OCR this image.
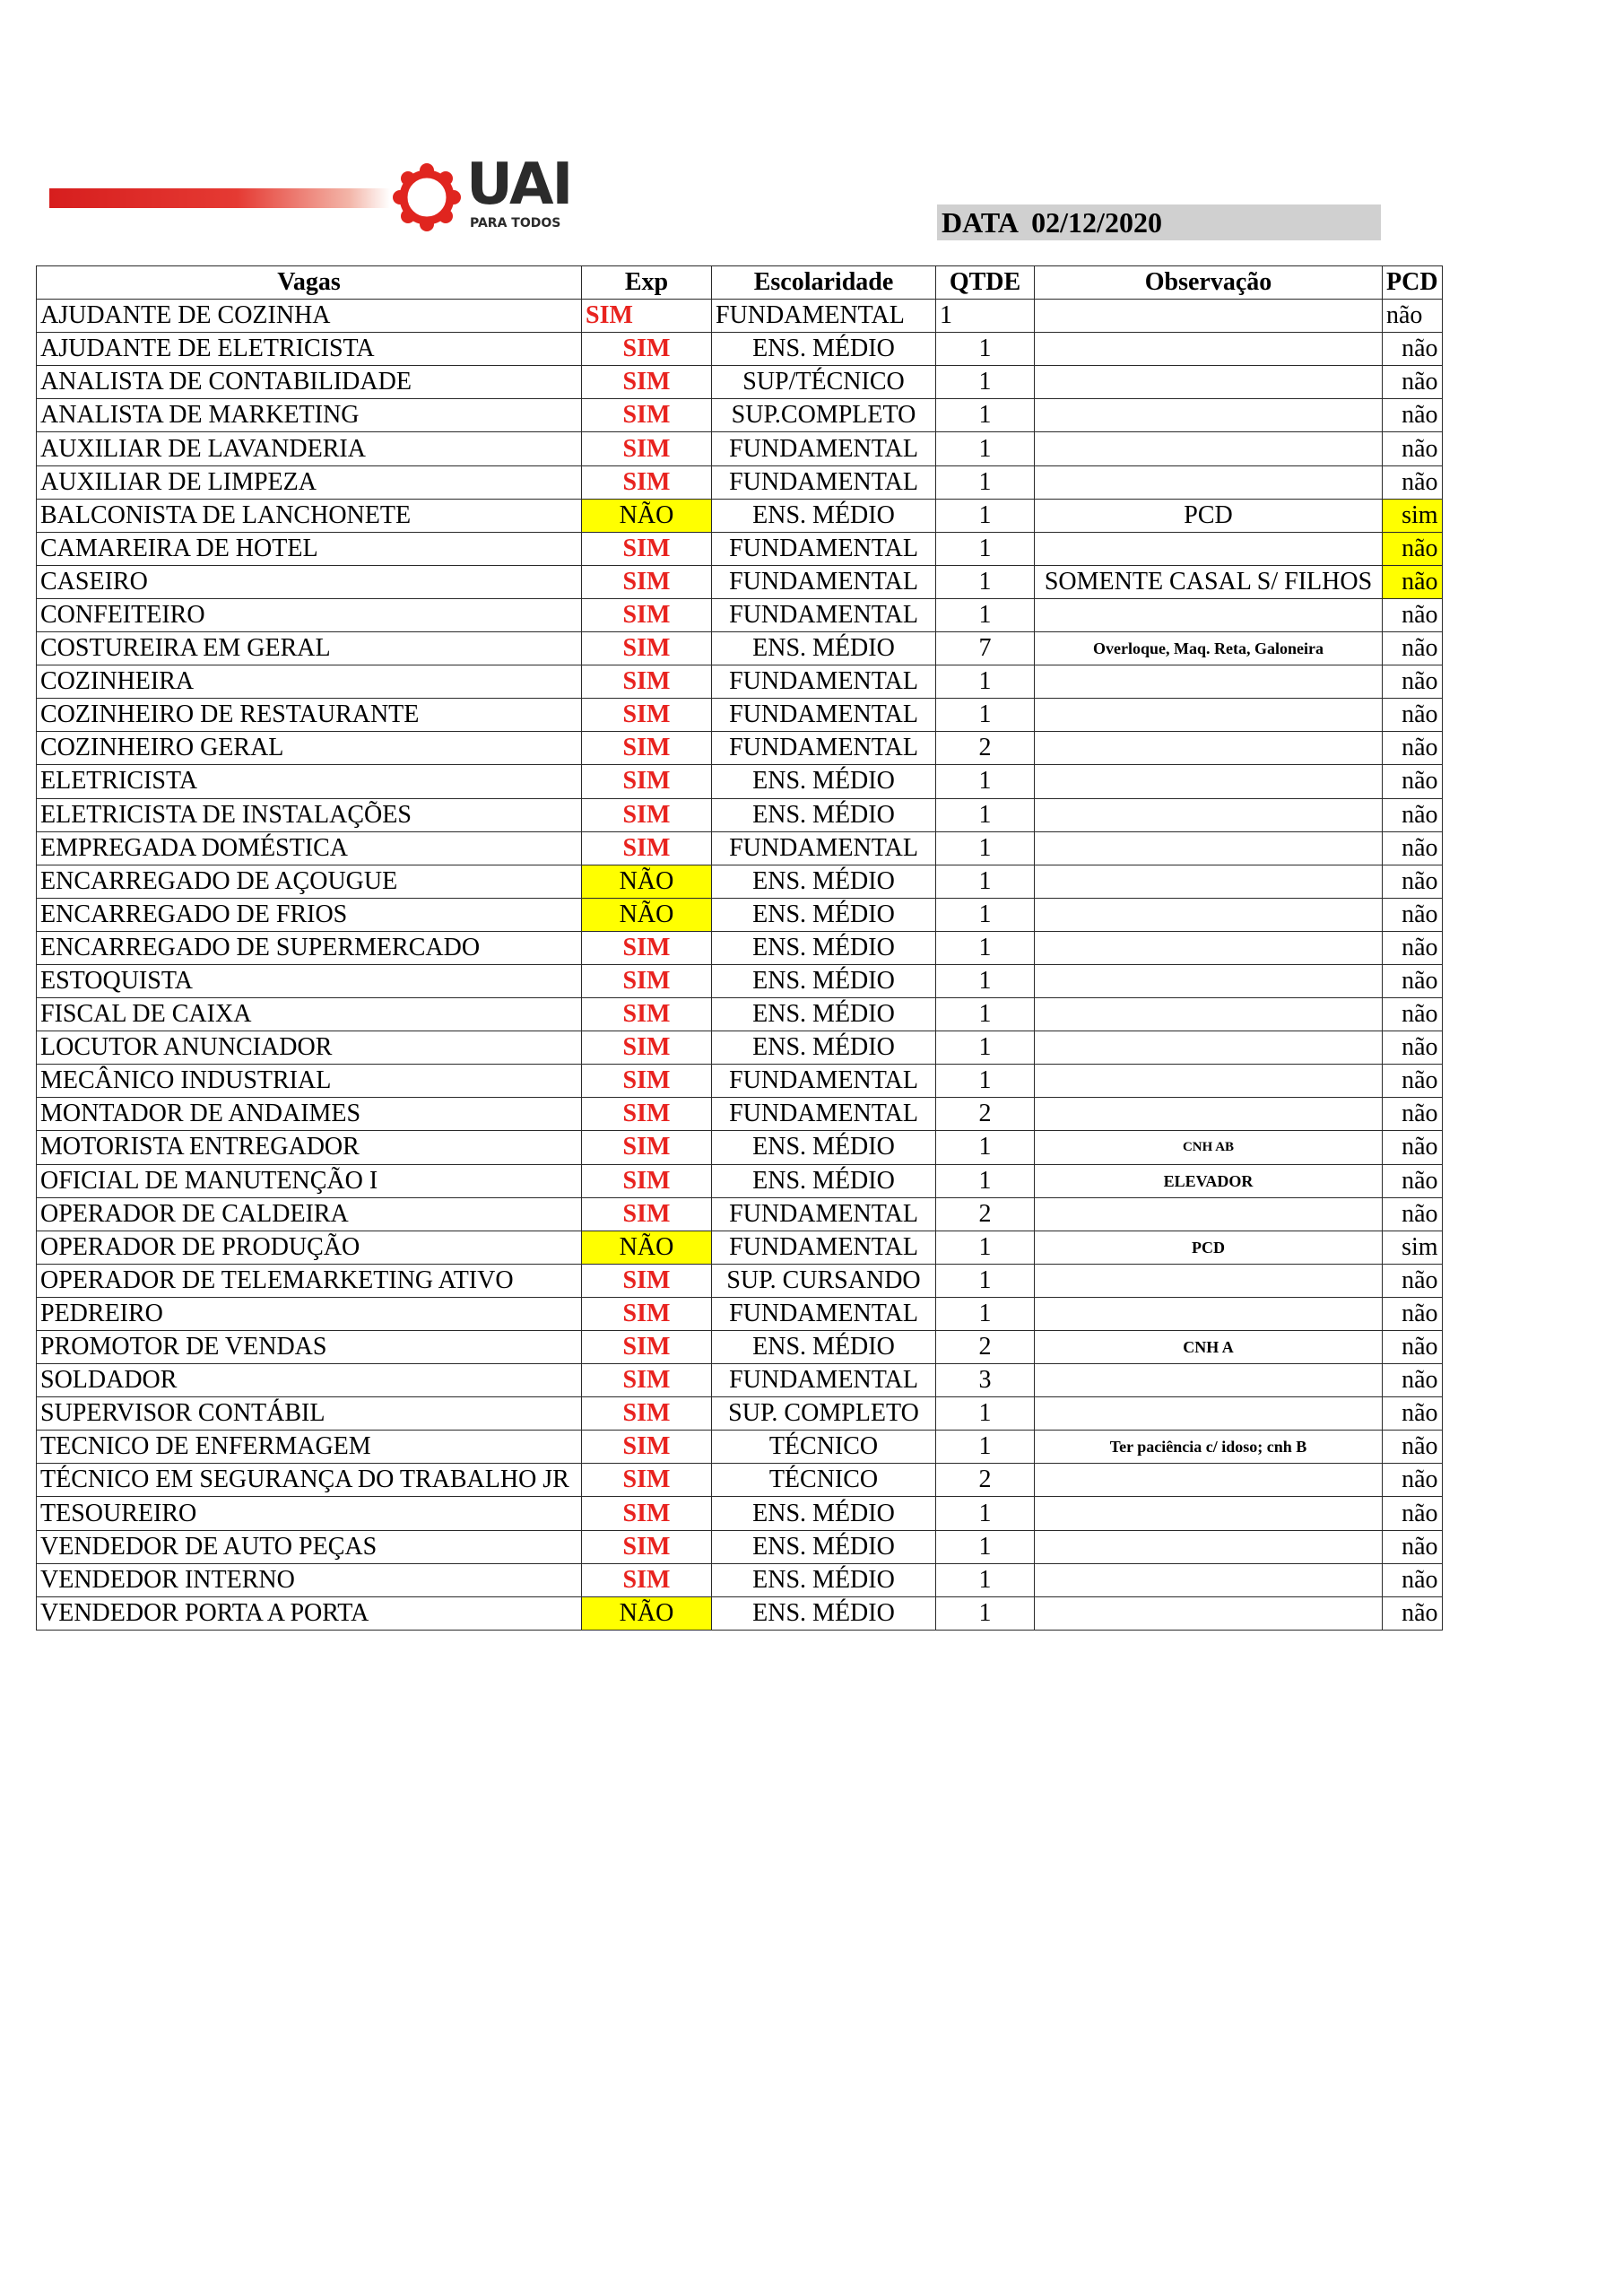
UAI
PARA TODOS	DATA  02/12/2020
Vagas	Exp	Escolaridade	QTDE	Observação	PCD
AJUDANTE DE COZINHA	SIM	FUNDAMENTAL	1		não
AJUDANTE DE ELETRICISTA	SIM	ENS. MÉDIO	1		não
ANALISTA DE CONTABILIDADE	SIM	SUP/TÉCNICO	1		não
ANALISTA DE MARKETING	SIM	SUP.COMPLETO	1		não
AUXILIAR DE LAVANDERIA	SIM	FUNDAMENTAL	1		não
AUXILIAR DE LIMPEZA	SIM	FUNDAMENTAL	1		não
BALCONISTA DE LANCHONETE	NÃO	ENS. MÉDIO	1	PCD	sim
CAMAREIRA DE HOTEL	SIM	FUNDAMENTAL	1		não
CASEIRO	SIM	FUNDAMENTAL	1	SOMENTE CASAL S/ FILHOS	não
CONFEITEIRO	SIM	FUNDAMENTAL	1		não
COSTUREIRA EM GERAL	SIM	ENS. MÉDIO	7	Overloque, Maq. Reta, Galoneira	não
COZINHEIRA	SIM	FUNDAMENTAL	1		não
COZINHEIRO DE RESTAURANTE	SIM	FUNDAMENTAL	1		não
COZINHEIRO GERAL	SIM	FUNDAMENTAL	2		não
ELETRICISTA	SIM	ENS. MÉDIO	1		não
ELETRICISTA DE INSTALAÇÕES	SIM	ENS. MÉDIO	1		não
EMPREGADA DOMÉSTICA	SIM	FUNDAMENTAL	1		não
ENCARREGADO DE AÇOUGUE	NÃO	ENS. MÉDIO	1		não
ENCARREGADO DE FRIOS	NÃO	ENS. MÉDIO	1		não
ENCARREGADO DE SUPERMERCADO	SIM	ENS. MÉDIO	1		não
ESTOQUISTA	SIM	ENS. MÉDIO	1		não
FISCAL DE CAIXA	SIM	ENS. MÉDIO	1		não
LOCUTOR ANUNCIADOR	SIM	ENS. MÉDIO	1		não
MECÂNICO INDUSTRIAL	SIM	FUNDAMENTAL	1		não
MONTADOR DE ANDAIMES	SIM	FUNDAMENTAL	2		não
MOTORISTA ENTREGADOR	SIM	ENS. MÉDIO	1	CNH AB	não
OFICIAL DE MANUTENÇÃO I	SIM	ENS. MÉDIO	1	ELEVADOR	não
OPERADOR DE CALDEIRA	SIM	FUNDAMENTAL	2		não
OPERADOR DE PRODUÇÃO	NÃO	FUNDAMENTAL	1	PCD	sim
OPERADOR DE TELEMARKETING ATIVO	SIM	SUP. CURSANDO	1		não
PEDREIRO	SIM	FUNDAMENTAL	1		não
PROMOTOR DE VENDAS	SIM	ENS. MÉDIO	2	CNH A	não
SOLDADOR	SIM	FUNDAMENTAL	3		não
SUPERVISOR CONTÁBIL	SIM	SUP. COMPLETO	1		não
TECNICO DE ENFERMAGEM	SIM	TÉCNICO	1	Ter paciência c/ idoso; cnh B	não
TÉCNICO EM SEGURANÇA DO TRABALHO JR	SIM	TÉCNICO	2		não
TESOUREIRO	SIM	ENS. MÉDIO	1		não
VENDEDOR DE AUTO PEÇAS	SIM	ENS. MÉDIO	1		não
VENDEDOR INTERNO	SIM	ENS. MÉDIO	1		não
VENDEDOR PORTA A PORTA	NÃO	ENS. MÉDIO	1		não
